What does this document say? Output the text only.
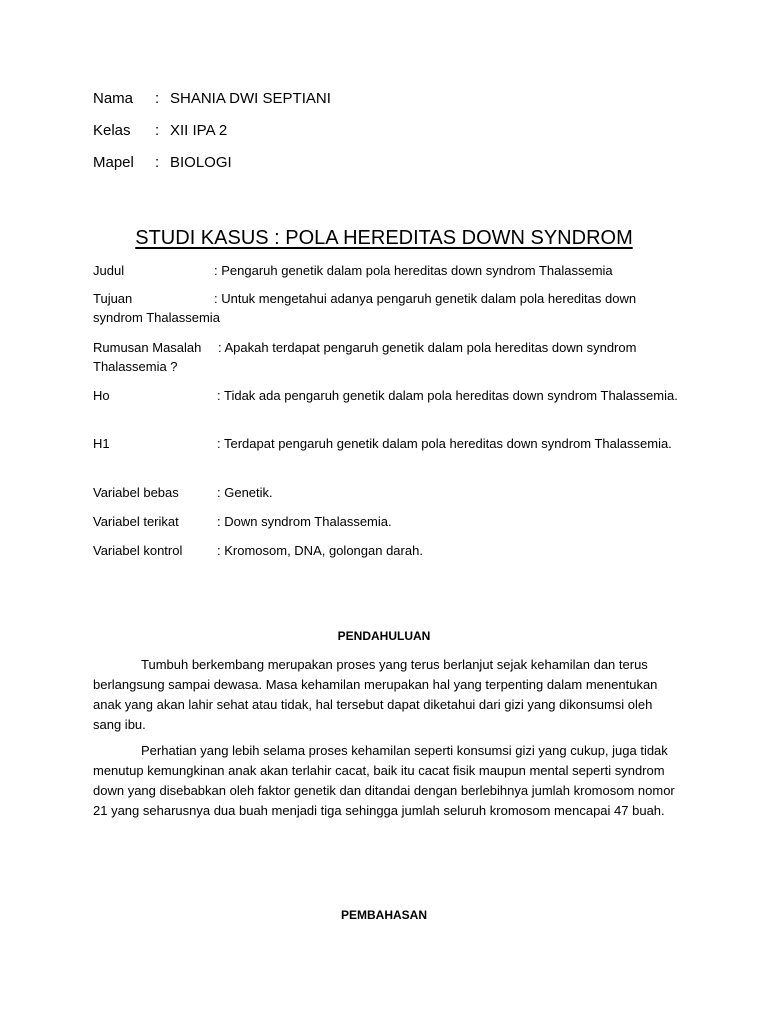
Nama : SHANIA DWI SEPTIANI
Kelas : XII IPA 2
Mapel : BIOLOGI
STUDI KASUS : POLA HEREDITAS DOWN SYNDROM
Judul	: Pengaruh genetik dalam pola hereditas down syndrom Thalassemia
Tujuan	: Untuk mengetahui adanya pengaruh genetik dalam pola hereditas down syndrom Thalassemia
Rumusan Masalah : Apakah terdapat pengaruh genetik dalam pola hereditas down syndrom Thalassemia ?
Ho	: Tidak ada pengaruh genetik dalam pola hereditas down syndrom Thalassemia.
H1	: Terdapat pengaruh genetik dalam pola hereditas down syndrom Thalassemia.
Variabel bebas	: Genetik.
Variabel terikat	: Down syndrom Thalassemia.
Variabel kontrol	: Kromosom, DNA, golongan darah.
PENDAHULUAN
Tumbuh berkembang merupakan proses yang terus berlanjut sejak kehamilan dan terus berlangsung sampai dewasa. Masa kehamilan merupakan hal yang terpenting dalam menentukan anak yang akan lahir sehat atau tidak, hal tersebut dapat diketahui dari gizi yang dikonsumsi oleh sang ibu.
Perhatian yang lebih selama proses kehamilan seperti konsumsi gizi yang cukup, juga tidak menutup kemungkinan anak akan terlahir cacat, baik itu cacat fisik maupun mental seperti syndrom down yang disebabkan oleh faktor genetik dan ditandai dengan berlebihnya jumlah kromosom nomor 21 yang seharusnya dua buah menjadi tiga sehingga jumlah seluruh kromosom mencapai 47 buah.
PEMBAHASAN
